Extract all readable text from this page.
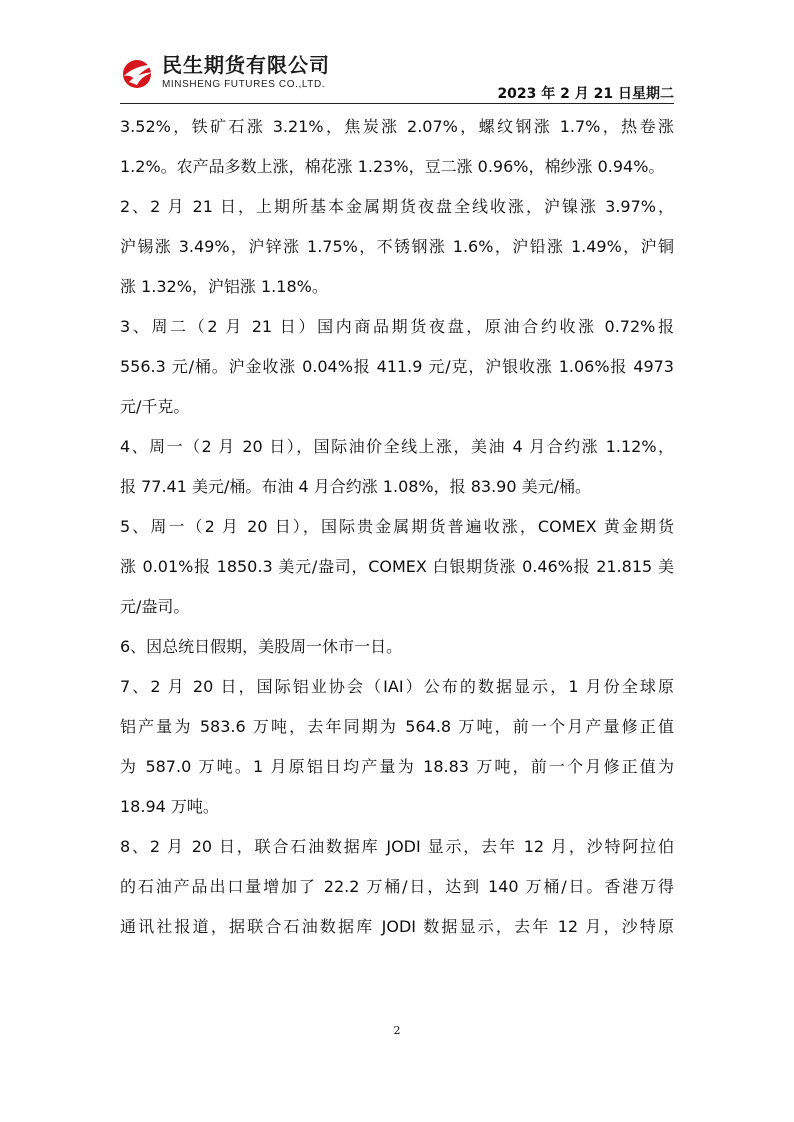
民生期货有限公司
MINSHENG FUTURES CO.,LTD.
2023 年 2 月 21 日星期二
3.52%，铁矿石涨 3.21%，焦炭涨 2.07%，螺纹钢涨 1.7%，热卷涨
1.2%。农产品多数上涨，棉花涨 1.23%，豆二涨 0.96%，棉纱涨 0.94%。
2、2 月 21 日，上期所基本金属期货夜盘全线收涨，沪镍涨 3.97%，
沪锡涨 3.49%，沪锌涨 1.75%，不锈钢涨 1.6%，沪铅涨 1.49%，沪铜
涨 1.32%，沪铝涨 1.18%。
3、周二（2 月 21 日）国内商品期货夜盘，原油合约收涨 0.72%报
556.3 元/桶。沪金收涨 0.04%报 411.9 元/克，沪银收涨 1.06%报 4973
元/千克。
4、周一（2 月 20 日），国际油价全线上涨，美油 4 月合约涨 1.12%，
报 77.41 美元/桶。布油 4 月合约涨 1.08%，报 83.90 美元/桶。
5、周一（2 月 20 日），国际贵金属期货普遍收涨，COMEX 黄金期货
涨 0.01%报 1850.3 美元/盎司，COMEX 白银期货涨 0.46%报 21.815 美
元/盎司。
6、因总统日假期，美股周一休市一日。
7、2 月 20 日，国际铝业协会（IAI）公布的数据显示，1 月份全球原
铝产量为 583.6 万吨，去年同期为 564.8 万吨，前一个月产量修正值
为 587.0 万吨。1 月原铝日均产量为 18.83 万吨，前一个月修正值为
18.94 万吨。
8、2 月 20 日，联合石油数据库 JODI 显示，去年 12 月，沙特阿拉伯
的石油产品出口量增加了 22.2 万桶/日，达到 140 万桶/日。香港万得
通讯社报道，据联合石油数据库 JODI 数据显示，去年 12 月，沙特原
2
